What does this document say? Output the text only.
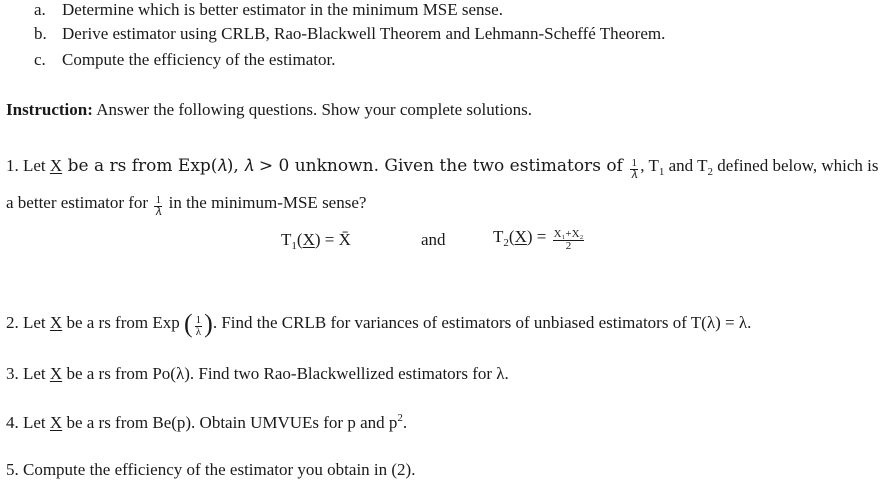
a. Determine which is better estimator in the minimum MSE sense.
b. Derive estimator using CRLB, Rao-Blackwell Theorem and Lehmann-Scheffé Theorem.
c. Compute the efficiency of the estimator.
Instruction: Answer the following questions. Show your complete solutions.
1. Let X be a rs from Exp(𝜆), 𝜆 > 0 unknown. Given the two estimators of $\frac{1}{\text{𝜆}}$ , $T_1$ and $T_2$ defined below, which is
a better estimator for $\frac{1}{\text{𝜆}}$ in the minimum-MSE sense?
$T_1(X)$ = X̄	and	$T_2(X) = \frac{\text{X₁+X₂}}{2}$
2. Let X be a rs from Exp ( $\frac{1}{\lambda}$ ). Find the CRLB for variances of estimators of unbiased estimators of T(λ) = λ.
3. Let X be a rs from Po(λ). Find two Rao-Blackwellized estimators for λ.
4. Let X be a rs from Be(p). Obtain UMVUEs for p and $p^2$.
5. Compute the efficiency of the estimator you obtain in (2).
